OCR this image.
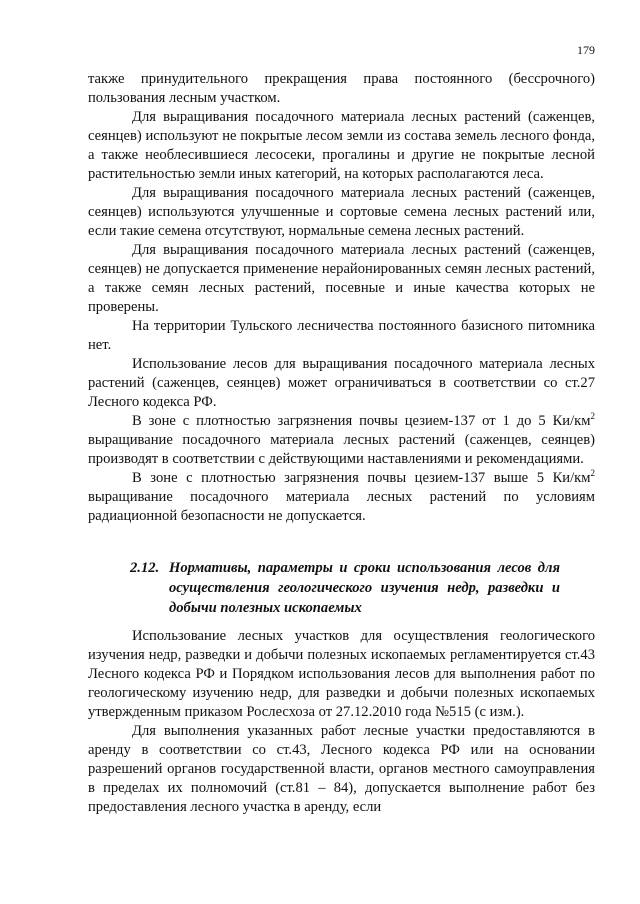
179

также принудительного прекращения права постоянного (бессрочного) пользования лесным участком.

Для выращивания посадочного материала лесных растений (саженцев, сеянцев) используют не покрытые лесом земли из состава земель лесного фонда, а также необлесившиеся лесосеки, прогалины и другие не покрытые лесной растительностью земли иных категорий, на которых располагаются леса.

Для выращивания посадочного материала лесных растений (саженцев, сеянцев) используются улучшенные и сортовые семена лесных растений или, если такие семена отсутствуют, нормальные семена лесных растений.

Для выращивания посадочного материала лесных растений (саженцев, сеянцев) не допускается применение нерайонированных семян лесных растений, а также семян лесных растений, посевные и иные качества которых не проверены.

На территории Тульского лесничества постоянного базисного питомника нет.

Использование лесов для выращивания посадочного материала лесных растений (саженцев, сеянцев) может ограничиваться в соответствии со ст.27 Лесного кодекса РФ.

В зоне с плотностью загрязнения почвы цезием-137 от 1 до 5 $Ки/км^2$ выращивание посадочного материала лесных растений (саженцев, сеянцев) производят в соответствии с действующими наставлениями и рекомендациями.

В зоне с плотностью загрязнения почвы цезием-137 выше 5 $Ки/км^2$ выращивание посадочного материала лесных растений по условиям радиационной безопасности не допускается.

2.12. Нормативы, параметры и сроки использования лесов для осуществления геологического изучения недр, разведки и добычи полезных ископаемых

Использование лесных участков для осуществления геологического изучения недр, разведки и добычи полезных ископаемых регламентируется ст.43 Лесного кодекса РФ и Порядком использования лесов для выполнения работ по геологическому изучению недр, для разведки и добычи полезных ископаемых утвержденным приказом Рослесхоза от 27.12.2010 года №515 (с изм.).

Для выполнения указанных работ лесные участки предоставляются в аренду в соответствии со ст.43, Лесного кодекса РФ или на основании разрешений органов государственной власти, органов местного самоуправления в пределах их полномочий (ст.81 – 84), допускается выполнение работ без предоставления лесного участка в аренду, если
